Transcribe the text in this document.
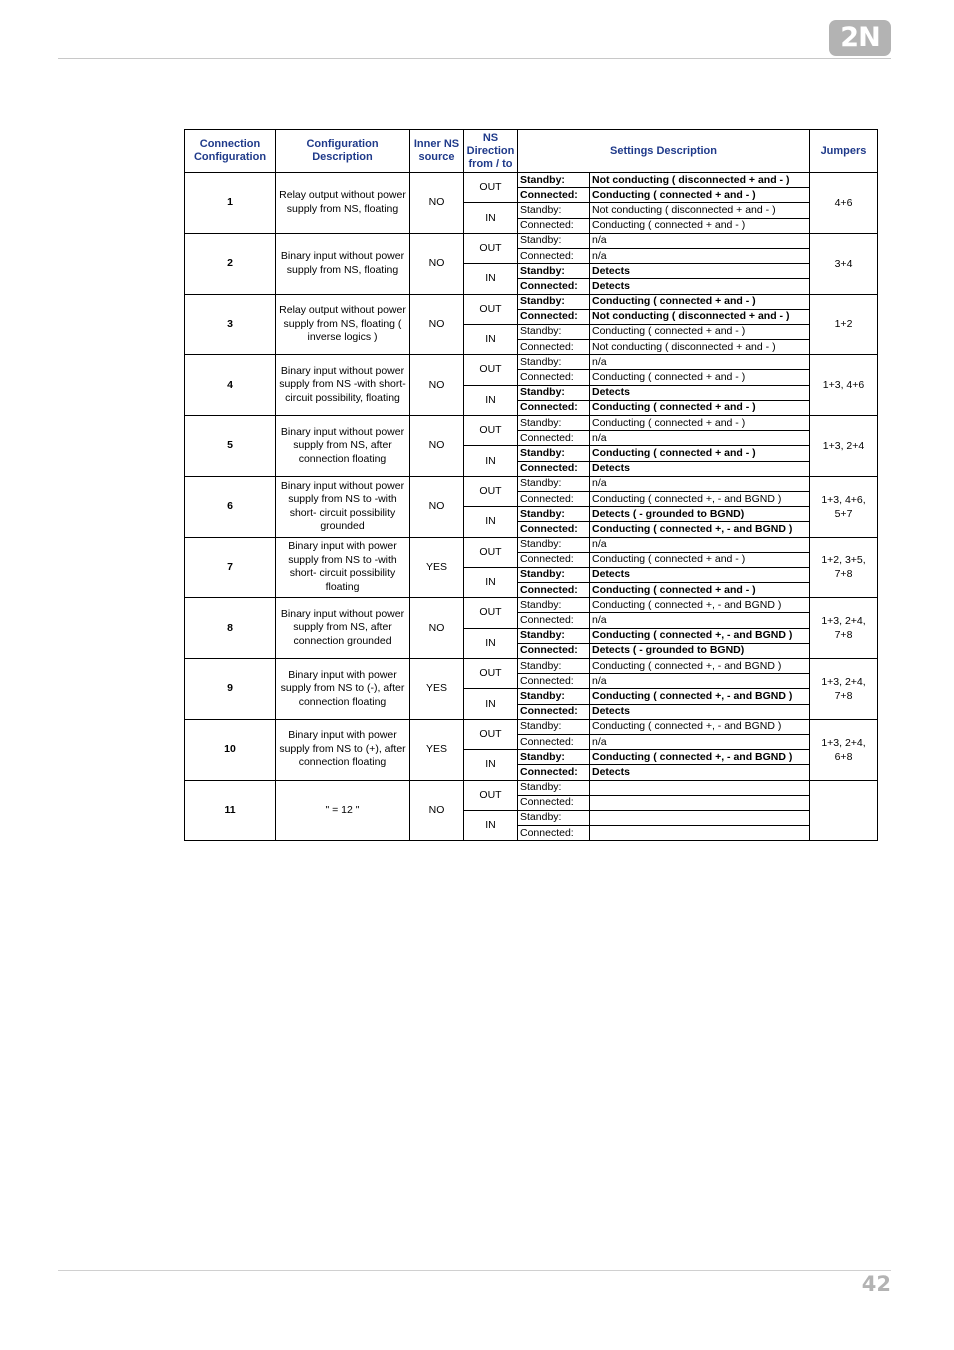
2N
Connection Configuration	Configuration Description	Inner NS source	NS Direction from / to	Settings Description		Jumpers
1	Relay output without power supply from NS, floating	NO	OUT	Standby:	Not conducting ( disconnected + and - )	4+6
				Connected:	Conducting ( connected + and - )	
			IN	Standby:	Not conducting ( disconnected + and - )	
				Connected:	Conducting ( connected + and - )	
2	Binary input without power supply from NS, floating	NO	OUT	Standby:	n/a	3+4
				Connected:	n/a	
			IN	Standby:	Detects	
				Connected:	Detects	
3	Relay output without power supply from NS, floating ( inverse logics )	NO	OUT	Standby:	Conducting ( connected + and - )	1+2
				Connected:	Not conducting ( disconnected + and - )	
			IN	Standby:	Conducting ( connected + and - )	
				Connected:	Not conducting ( disconnected + and - )	
4	Binary input without power supply from NS -with short- circuit possibility, floating	NO	OUT	Standby:	n/a	1+3, 4+6
				Connected:	Conducting ( connected + and - )	
			IN	Standby:	Detects	
				Connected:	Conducting ( connected + and - )	
5	Binary input without power supply from NS, after connection floating	NO	OUT	Standby:	Conducting ( connected + and - )	1+3, 2+4
				Connected:	n/a	
			IN	Standby:	Conducting ( connected + and - )	
				Connected:	Detects	
6	Binary input without power supply from NS to -with short- circuit possibility grounded	NO	OUT	Standby:	n/a	1+3, 4+6, 5+7
				Connected:	Conducting ( connected +, - and BGND )	
			IN	Standby:	Detects ( - grounded to BGND)	
				Connected:	Conducting ( connected +, - and BGND )	
7	Binary input with power supply from NS to -with short- circuit possibility floating	YES	OUT	Standby:	n/a	1+2, 3+5, 7+8
				Connected:	Conducting ( connected + and - )	
			IN	Standby:	Detects	
				Connected:	Conducting ( connected + and - )	
8	Binary input without power supply from NS, after connection grounded	NO	OUT	Standby:	Conducting ( connected +, - and BGND )	1+3, 2+4, 7+8
				Connected:	n/a	
			IN	Standby:	Conducting ( connected +, - and BGND )	
				Connected:	Detects ( - grounded to BGND)	
9	Binary input with power supply from NS to (-), after connection floating	YES	OUT	Standby:	Conducting ( connected +, - and BGND )	1+3, 2+4, 7+8
				Connected:	n/a	
			IN	Standby:	Conducting ( connected +, - and BGND )	
				Connected:	Detects	
10	Binary input with power supply from NS to (+), after connection floating	YES	OUT	Standby:	Conducting ( connected +, - and BGND )	1+3, 2+4, 6+8
				Connected:	n/a	
			IN	Standby:	Conducting ( connected +, - and BGND )	
				Connected:	Detects	
11	" = 12 "	NO	OUT	Standby:		
				Connected:		
			IN	Standby:		
				Connected:		
42
